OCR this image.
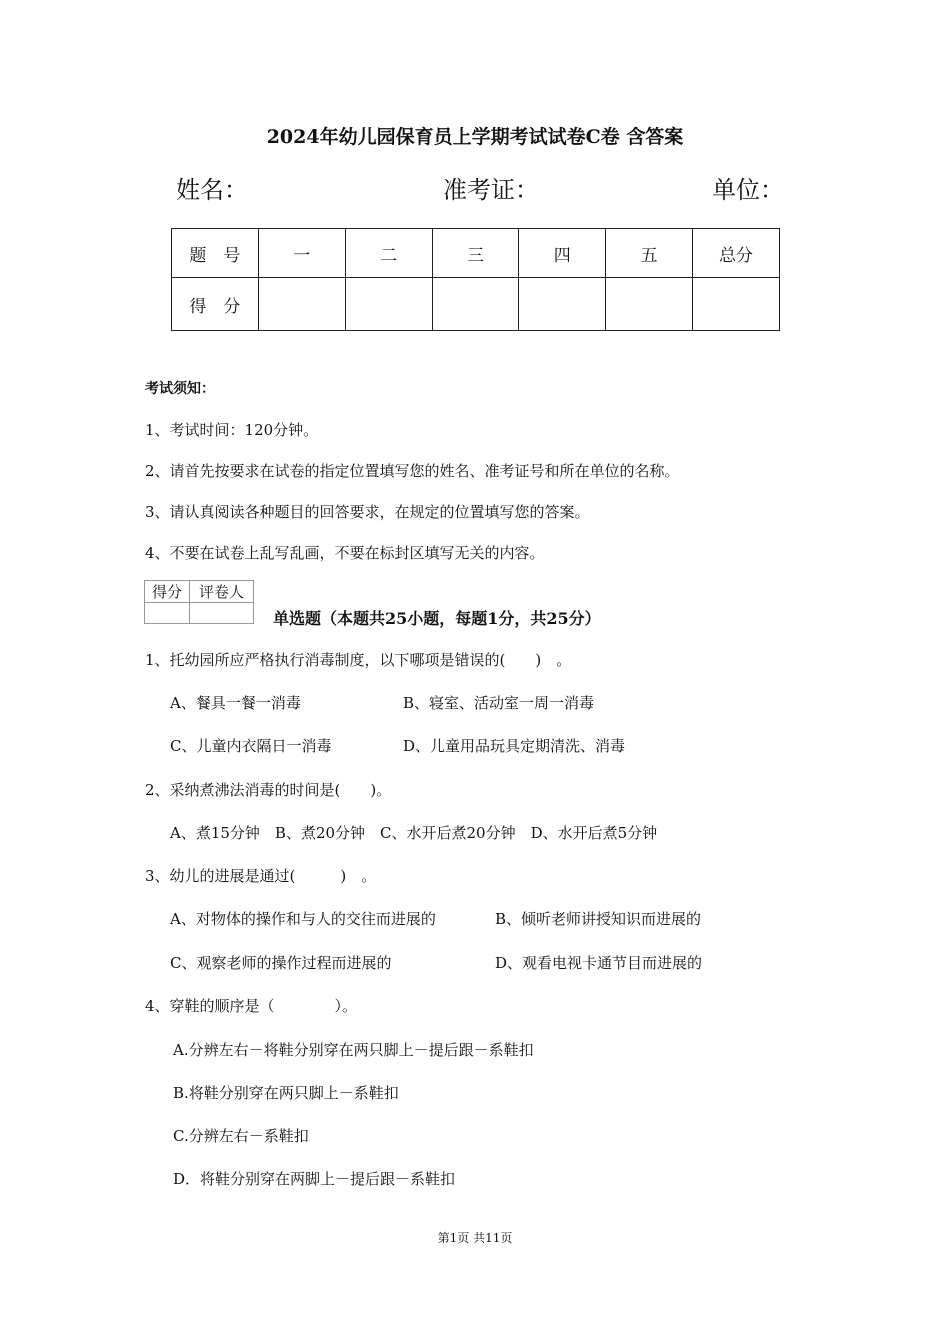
2024年幼儿园保育员上学期考试试卷C卷 含答案
姓名：	准考证：	单位：
题　号	一	二	三	四	五	总分
得　分						
考试须知：
1、考试时间：120分钟。
2、请首先按要求在试卷的指定位置填写您的姓名、准考证号和所在单位的名称。
3、请认真阅读各种题目的回答要求，在规定的位置填写您的答案。
4、不要在试卷上乱写乱画，不要在标封区填写无关的内容。
得分	评卷人

单选题（本题共25小题，每题1分，共25分）
1、托幼园所应严格执行消毒制度，以下哪项是错误的(　　)　。
A、餐具一餐一消毒	B、寝室、活动室一周一消毒
C、儿童内衣隔日一消毒	D、儿童用品玩具定期清洗、消毒
2、采纳煮沸法消毒的时间是(　　)。
A、煮15分钟　B、煮20分钟　C、水开后煮20分钟　D、水开后煮5分钟
3、幼儿的进展是通过(　　　)　。
A、对物体的操作和与人的交往而进展的	B、倾听老师讲授知识而进展的
C、观察老师的操作过程而进展的	D、观看电视卡通节目而进展的
4、穿鞋的顺序是（　　　　）。
A.分辨左右－将鞋分别穿在两只脚上－提后跟－系鞋扣
B.将鞋分别穿在两只脚上－系鞋扣
C.分辨左右－系鞋扣
D．将鞋分别穿在两脚上－提后跟－系鞋扣
第1页 共11页
